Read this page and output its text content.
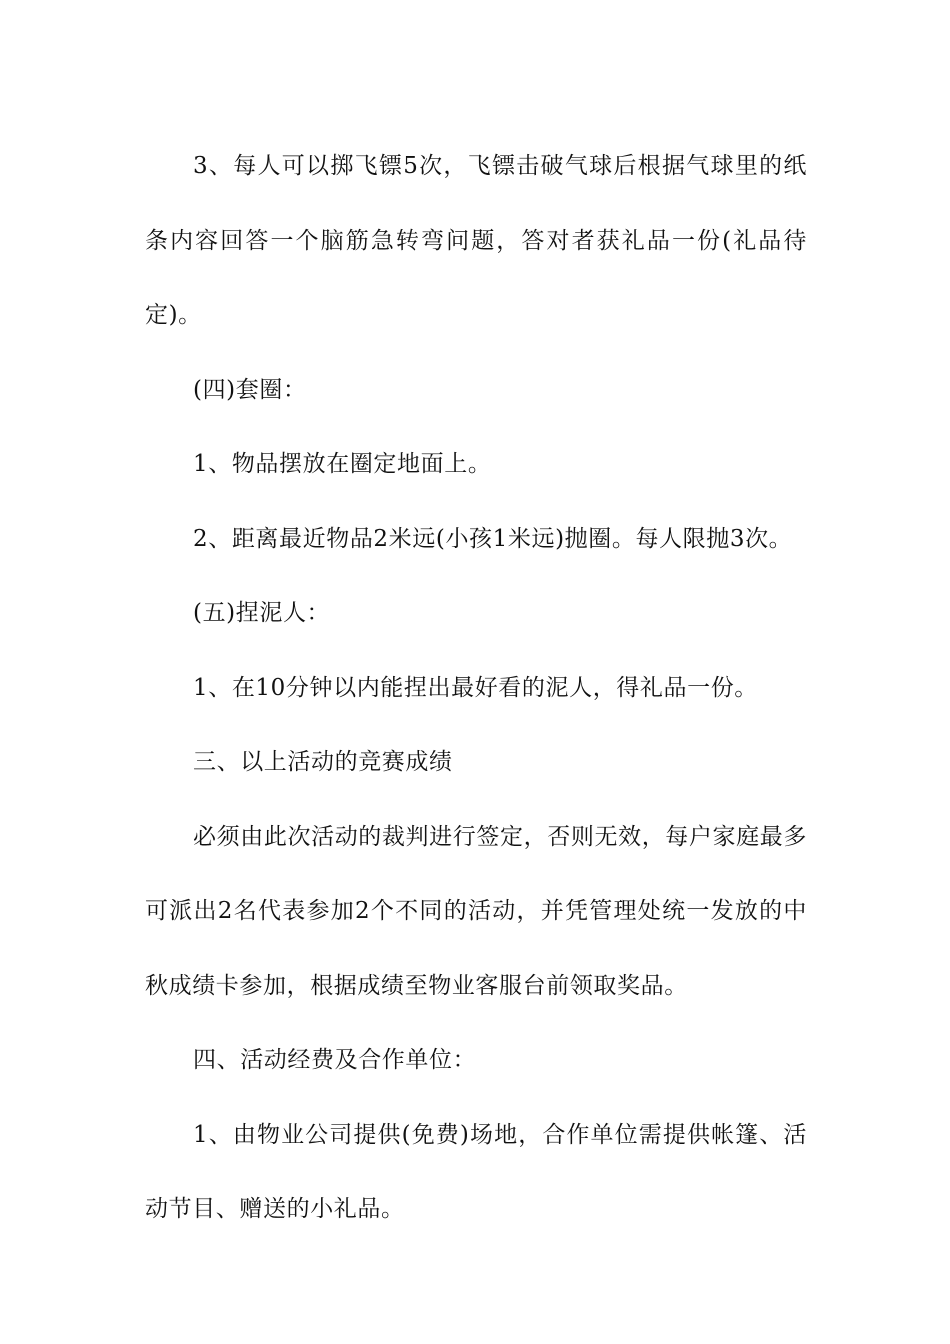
3、每人可以掷飞镖5次，飞镖击破气球后根据气球里的纸条内容回答一个脑筋急转弯问题，答对者获礼品一份(礼品待定)。

(四)套圈：

1、物品摆放在圈定地面上。

2、距离最近物品2米远(小孩1米远)抛圈。每人限抛3次。

(五)捏泥人：

1、在10分钟以内能捏出最好看的泥人，得礼品一份。

三、以上活动的竞赛成绩

必须由此次活动的裁判进行签定，否则无效，每户家庭最多可派出2名代表参加2个不同的活动，并凭管理处统一发放的中秋成绩卡参加，根据成绩至物业客服台前领取奖品。

四、活动经费及合作单位：

1、由物业公司提供(免费)场地，合作单位需提供帐篷、活动节目、赠送的小礼品。
